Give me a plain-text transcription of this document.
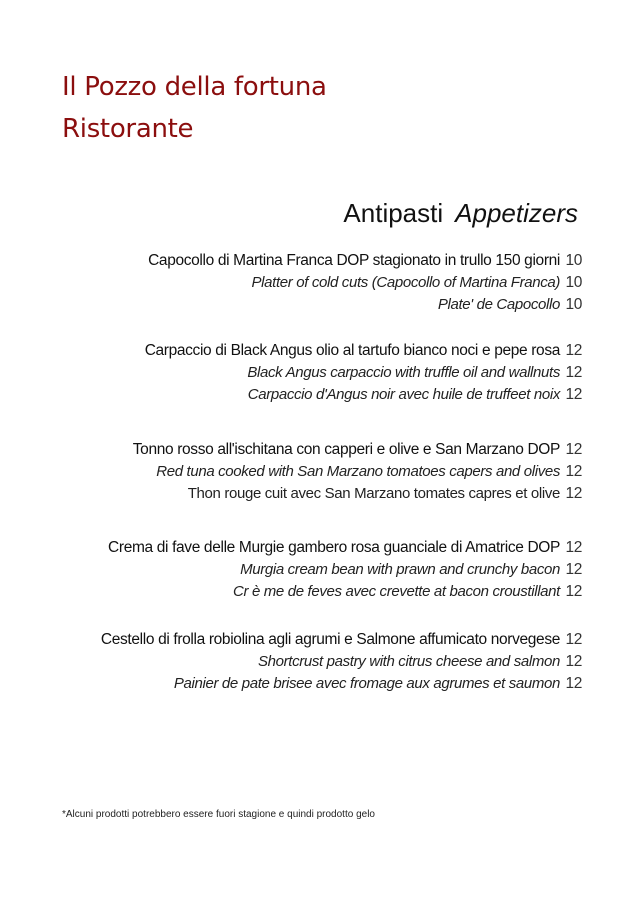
Il Pozzo della fortuna
Ristorante
Antipasti Appetizers
Capocollo di Martina Franca DOP stagionato in trullo 150 giorni 10
Platter of cold cuts (Capocollo of Martina Franca) 10
Plate' de Capocollo 10
Carpaccio di Black Angus olio al tartufo bianco noci e pepe rosa 12
Black Angus carpaccio with truffle oil and wallnuts 12
Carpaccio d'Angus noir avec huile de truffeet noix 12
Tonno rosso all'ischitana con capperi e olive e San Marzano DOP 12
Red tuna cooked with San Marzano tomatoes capers and olives 12
Thon rouge cuit avec San Marzano tomates capres et olive 12
Crema di fave delle Murgie gambero rosa guanciale di Amatrice DOP 12
Murgia cream bean with prawn and crunchy bacon 12
Cr è me de feves avec crevette at bacon croustillant 12
Cestello di frolla robiolina agli agrumi e Salmone affumicato norvegese 12
Shortcrust pastry with citrus cheese and salmon 12
Painier de pate brisee avec fromage aux agrumes et saumon 12
*Alcuni prodotti potrebbero essere fuori stagione e quindi prodotto gelo
